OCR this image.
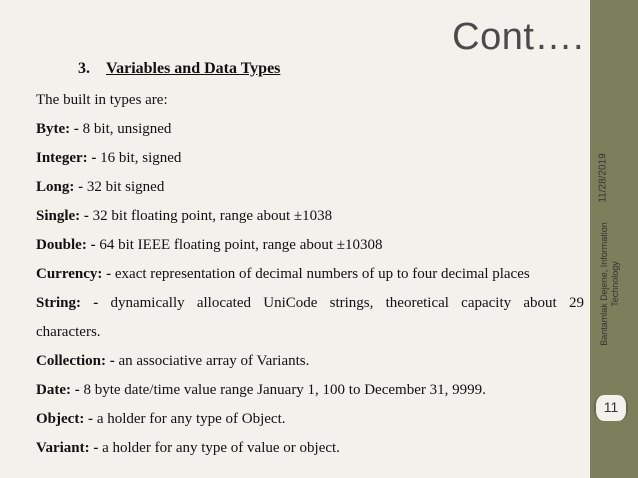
Cont….
3. Variables and Data Types
The built in types are:
Byte: - 8 bit, unsigned
Integer: - 16 bit, signed
Long: - 32 bit signed
Single: - 32 bit floating point, range about ±1038
Double: - 64 bit IEEE floating point, range about ±10308
Currency: - exact representation of decimal numbers of up to four decimal places
String: - dynamically allocated UniCode strings, theoretical capacity about 29
characters.
Collection: - an associative array of Variants.
Date: - 8 byte date/time value range January 1, 100 to December 31, 9999.
Object: - a holder for any type of Object.
Variant: - a holder for any type of value or object.
11/28/2019
Bantamlak Dejene, Information Technology
11
